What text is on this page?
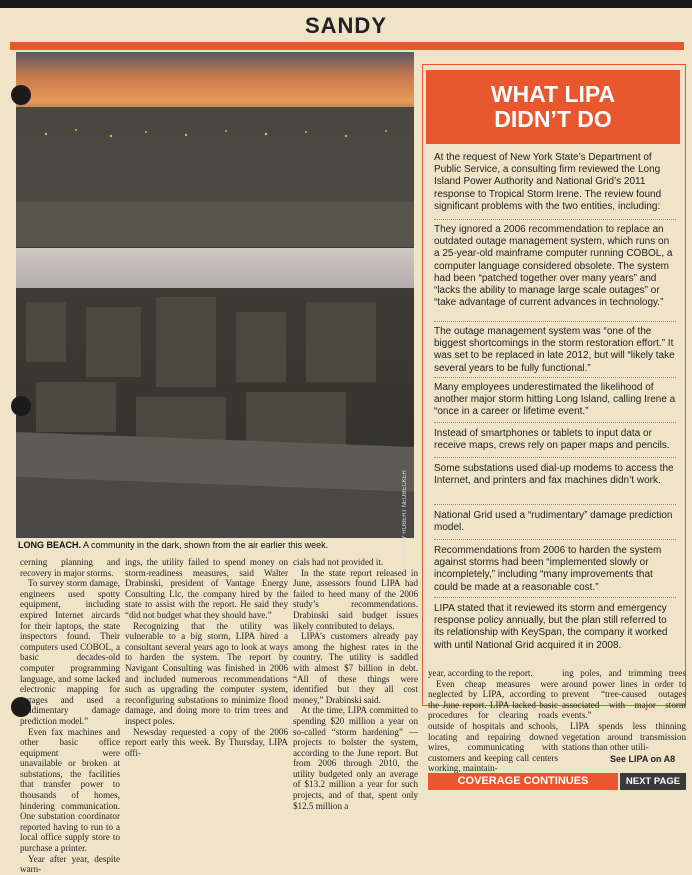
SANDY
PHOTO BY ROBERT NEUBECKER
LONG BEACH. A community in the dark, shown from the air earlier this week.

cerning planning and recovery in major storms.

To survey storm damage, engineers used spotty equipment, including expired Internet aircards for their laptops, the state inspectors found. Their computers used COBOL, a basic decades-old computer programming language, and some lacked electronic mapping for outages and used a “rudimentary damage prediction model.”

Even fax machines and other basic office equipment were unavailable or broken at substations, the facilities that transfer power to thousands of homes, hindering communication. One substation coordinator reported having to run to a local office supply store to purchase a printer.

Year after year, despite warn-

ings, the utility failed to spend money on storm-readiness measures, said Walter Drabinski, president of Vantage Energy Consulting Llc, the company hired by the state to assist with the report. He said they “did not budget what they should have.”

Recognizing that the utility was vulnerable to a big storm, LIPA hired a consultant several years ago to look at ways to harden the system. The report by Navigant Consulting was finished in 2006 and included numerous recommendations such as upgrading the computer system, reconfiguring substations to minimize flood damage, and doing more to trim trees and inspect poles.

Newsday requested a copy of the 2006 report early this week. By Thursday, LIPA offi-

cials had not provided it.

In the state report released in June, assessors found LIPA had failed to heed many of the 2006 study’s recommendations. Drabinski said budget issues likely contributed to delays.

LIPA’s customers already pay among the highest rates in the country. The utility is saddled with almost $7 billion in debt. “All of these things were identified but they all cost money,” Drabinski said.

At the time, LIPA committed to spending $20 million a year on so-called “storm hardening” — projects to bolster the system, according to the June report. But from 2006 through 2010, the utility budgeted only an average of $13.2 million a year for such projects, and of that, spent only $12.5 million a

WHAT LIPA
DIDN’T DO
At the request of New York State’s Department of Public Service, a consulting firm reviewed the Long Island Power Authority and National Grid’s 2011 response to Tropical Storm Irene. The review found significant problems with the two entities, including:
They ignored a 2006 recommendation to replace an outdated outage management system, which runs on a 25-year-old mainframe computer running COBOL, a computer language considered obsolete. The system had been “patched together over many years” and “lacks the ability to manage large scale outages” or “take advantage of current advances in technology.”
The outage management system was “one of the biggest shortcomings in the storm restoration effort.” It was set to be replaced in late 2012, but will “likely take several years to be fully functional.”
Many employees underestimated the likelihood of another major storm hitting Long Island, calling Irene a “once in a career or lifetime event.”
Instead of smartphones or tablets to input data or receive maps, crews rely on paper maps and pencils.
Some substations used dial-up modems to access the Internet, and printers and fax machines didn’t work.
National Grid used a “rudimentary” damage prediction model.
Recommendations from 2006 to harden the system against storms had been “implemented slowly or incompletely,” including “many improvements that could be made at a reasonable cost.”
LIPA stated that it reviewed its storm and emergency response policy annually, but the plan still referred to its relationship with KeySpan, the company it worked with until National Grid acquired it in 2008.

year, according to the report.

Even cheap measures were neglected by LIPA, according to the June report. LIPA lacked basic procedures for clearing roads outside of hospitals and schools, locating and repairing downed wires, communicating with customers and keeping call centers working, maintain-

ing poles, and trimming trees around power lines in order to prevent “tree-caused outages associated with major storm events.”

LIPA spends less thinning vegetation around transmission stations than other utili-

See LIPA on A8
COVERAGE CONTINUES	NEXT PAGE
